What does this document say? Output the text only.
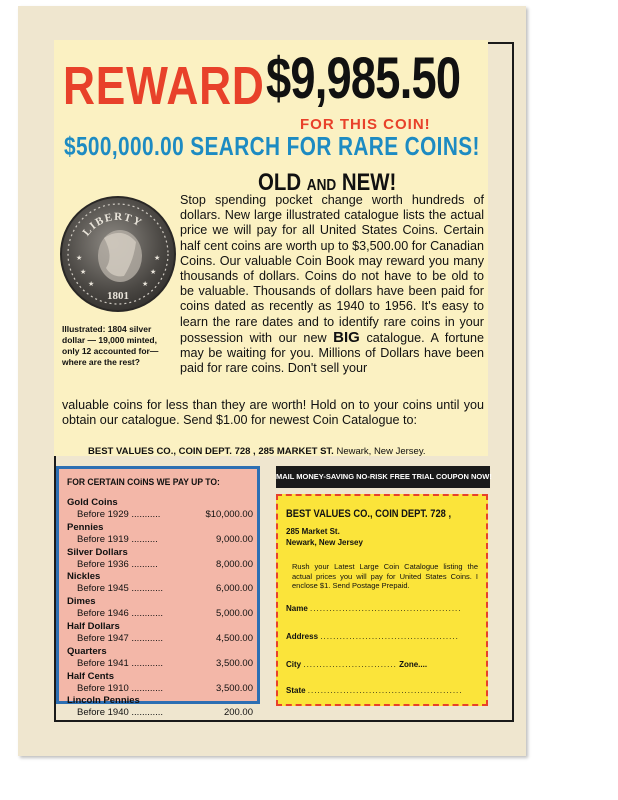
REWARD $9,985.50
FOR THIS COIN!
$500,000.00 SEARCH FOR RARE COINS!
OLD AND NEW!
LIBERTY
1801
★
★
★
★
★
★
Illustrated: 1804 silver dollar — 19,000 minted, only 12 accounted for— where are the rest?
Stop spending pocket change worth hundreds of dollars. New large illustrated catalogue lists the actual price we will pay for all United States Coins. Certain half cent coins are worth up to $3,500.00 for Canadian Coins. Our valuable Coin Book may reward you many thousands of dollars. Coins do not have to be old to be valuable. Thousands of dollars have been paid for coins dated as recently as 1940 to 1956. It's easy to learn the rare dates and to identify rare coins in your possession with our new BIG catalogue. A fortune may be waiting for you. Millions of Dollars have been paid for rare coins. Don't sell your
valuable coins for less than they are worth! Hold on to your coins until you obtain our catalogue. Send $1.00 for newest Coin Catalogue to:
BEST VALUES CO., COIN DEPT. 728 , 285 MARKET ST. Newark, New Jersey.
FOR CERTAIN COiNS WE PAY UP TO:
Gold Coins
Before 1929 ...........	$10,000.00
Pennies
Before 1919 ..........	9,000.00
Silver Dollars
Before 1936 ..........	8,000.00
Nickles
Before 1945 ............	6,000.00
Dimes
Before 1946 ............	5,000.00
Half Dollars
Before 1947 ............	4,500.00
Quarters
Before 1941 ............	3,500.00
Half Cents
Before 1910 ............	3,500.00
Lincoln Pennies
Before 1940 ............	200.00
MAIL MONEY-SAVING NO-RISK FREE TRIAL COUPON NOW!
BEST VALUES CO., COIN DEPT. 728 ,
285 Market St.
Newark, New Jersey
Rush your Latest Large Coin Catalogue listing the actual prices you will pay for United States Coins. I enclose $1. Send Postage Prepaid.
Name ...............................................
Address ...........................................
City ............................. Zone....
State ................................................
